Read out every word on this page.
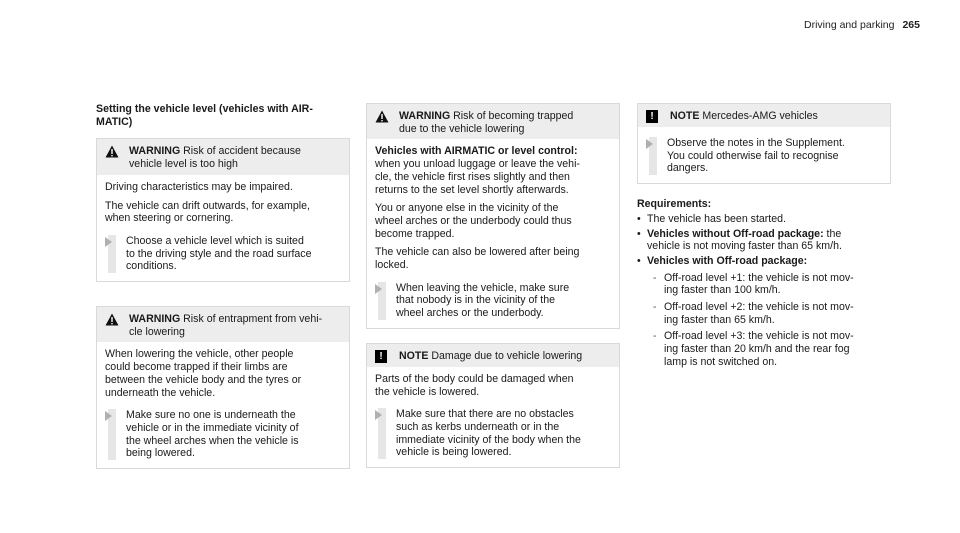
Driving and parking 265
Setting the vehicle level (vehicles with AIR-
MATIC)
WARNING Risk of accident because
vehicle level is too high

Driving characteristics may be impaired.

The vehicle can drift outwards, for example,
when steering or cornering.

Choose a vehicle level which is suited
to the driving style and the road surface
conditions.
WARNING Risk of entrapment from vehi-
cle lowering

When lowering the vehicle, other people
could become trapped if their limbs are
between the vehicle body and the tyres or
underneath the vehicle.

Make sure no one is underneath the
vehicle or in the immediate vicinity of
the wheel arches when the vehicle is
being lowered.
WARNING Risk of becoming trapped
due to the vehicle lowering

Vehicles with AIRMATIC or level control:

when you unload luggage or leave the vehi-
cle, the vehicle first rises slightly and then
returns to the set level shortly afterwards.

You or anyone else in the vicinity of the
wheel arches or the underbody could thus
become trapped.

The vehicle can also be lowered after being
locked.

When leaving the vehicle, make sure
that nobody is in the vicinity of the
wheel arches or the underbody.
!	NOTE Damage due to vehicle lowering

Parts of the body could be damaged when
the vehicle is lowered.

Make sure that there are no obstacles
such as kerbs underneath or in the
immediate vicinity of the body when the
vehicle is being lowered.
!	NOTE Mercedes-AMG vehicles
Observe the notes in the Supplement.
You could otherwise fail to recognise
dangers.
Requirements:
• The vehicle has been started.
• Vehicles without Off-road package: the
vehicle is not moving faster than 65 km/h.
• Vehicles with Off-road package:
- Off-road level +1: the vehicle is not mov-
ing faster than 100 km/h.
- Off-road level +2: the vehicle is not mov-
ing faster than 65 km/h.
- Off-road level +3: the vehicle is not mov-
ing faster than 20 km/h and the rear fog
lamp is not switched on.
